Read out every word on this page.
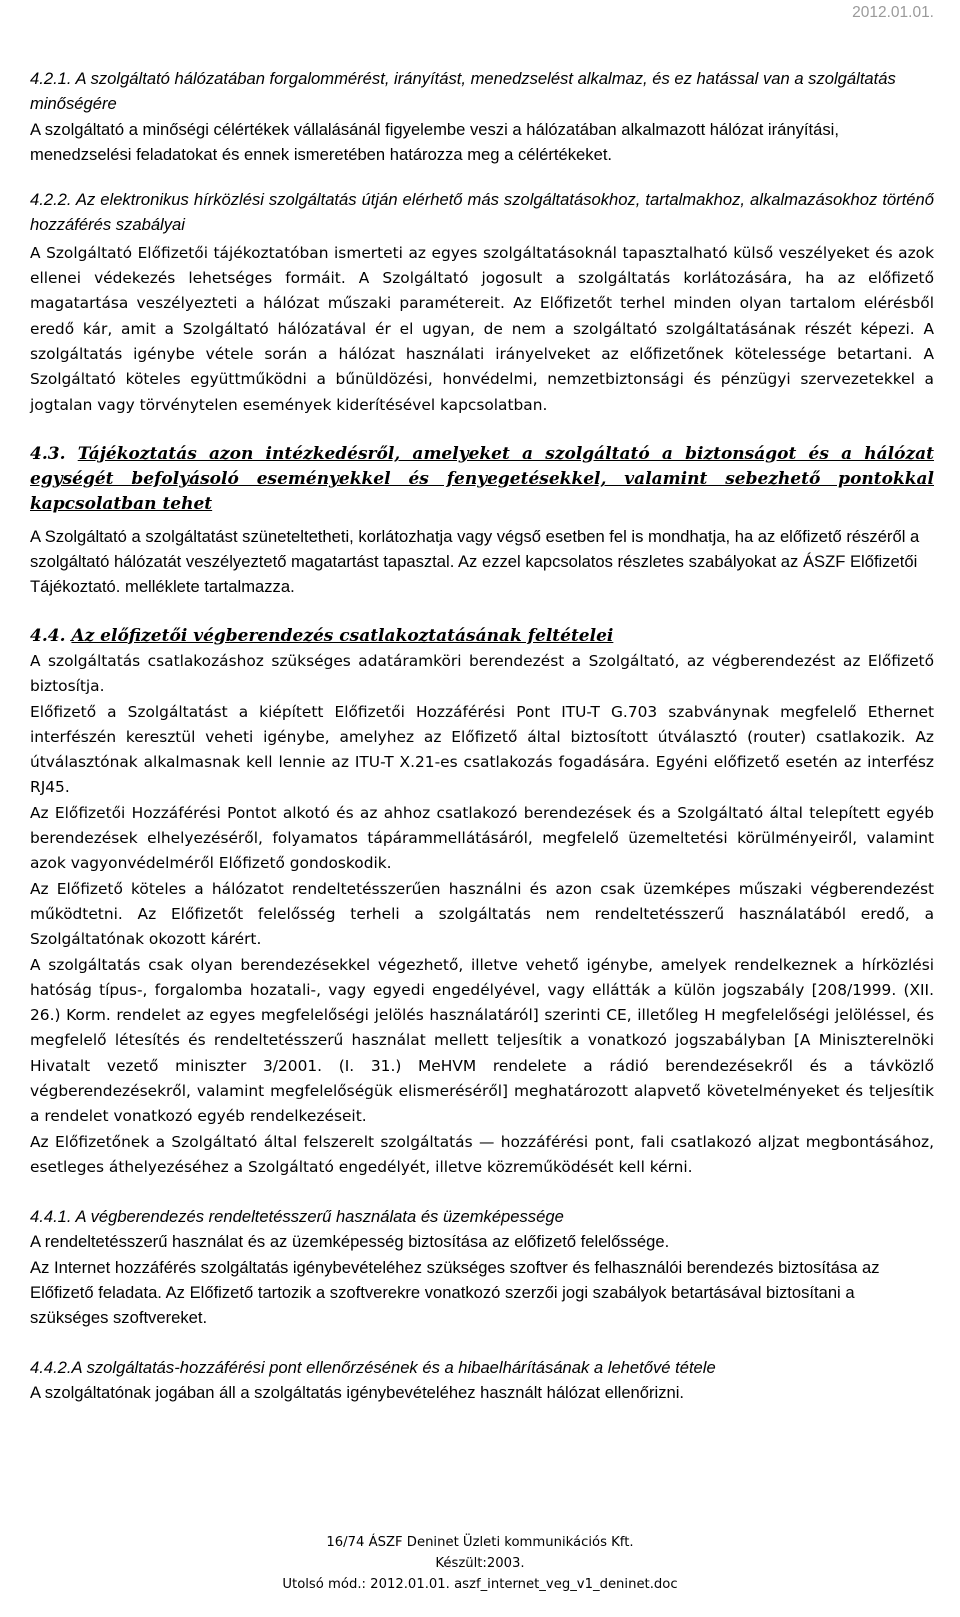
2012.01.01.

4.2.1. A szolgáltató hálózatában forgalommérést, irányítást, menedzselést alkalmaz, és ez hatással van a szolgáltatás minőségére

A szolgáltató a minőségi célértékek vállalásánál figyelembe veszi a hálózatában alkalmazott hálózat irányítási, menedzselési feladatokat és ennek ismeretében határozza meg a célértékeket.

4.2.2. Az elektronikus hírközlési szolgáltatás útján elérhető más szolgáltatásokhoz, tartalmakhoz, alkalmazásokhoz történő hozzáférés szabályai

A Szolgáltató Előfizetői tájékoztatóban ismerteti az egyes szolgáltatásoknál tapasztalható külső veszélyeket és azok ellenei védekezés lehetséges formáit. A Szolgáltató jogosult a szolgáltatás korlátozására, ha az előfizető magatartása veszélyezteti a hálózat műszaki paramétereit. Az Előfizetőt terhel minden olyan tartalom elérésből eredő kár, amit a Szolgáltató hálózatával ér el ugyan, de nem a szolgáltató szolgáltatásának részét képezi. A szolgáltatás igénybe vétele során a hálózat használati irányelveket az előfizetőnek kötelessége betartani. A Szolgáltató köteles együttműködni a bűnüldözési, honvédelmi, nemzetbiztonsági és pénzügyi szervezetekkel a jogtalan vagy törvénytelen események kiderítésével kapcsolatban.

4.3. Tájékoztatás azon intézkedésről, amelyeket a szolgáltató a biztonságot és a hálózat egységét befolyásoló eseményekkel és fenyegetésekkel, valamint sebezhető pontokkal kapcsolatban tehet

A Szolgáltató a szolgáltatást szüneteltetheti, korlátozhatja vagy végső esetben fel is mondhatja, ha az előfizető részéről a szolgáltató hálózatát veszélyeztető magatartást tapasztal. Az ezzel kapcsolatos részletes szabályokat az ÁSZF Előfizetői Tájékoztató. melléklete tartalmazza.

4.4. Az előfizetői végberendezés csatlakoztatásának feltételei

A szolgáltatás csatlakozáshoz szükséges adatáramköri berendezést a Szolgáltató, az végberendezést az Előfizető biztosítja.

Előfizető a Szolgáltatást a kiépített Előfizetői Hozzáférési Pont ITU-T G.703 szabványnak megfelelő Ethernet interfészén keresztül veheti igénybe, amelyhez az Előfizető által biztosított útválasztó (router) csatlakozik. Az útválasztónak alkalmasnak kell lennie az ITU-T X.21-es csatlakozás fogadására. Egyéni előfizető esetén az interfész RJ45.

Az Előfizetői Hozzáférési Pontot alkotó és az ahhoz csatlakozó berendezések és a Szolgáltató által telepített egyéb berendezések elhelyezéséről, folyamatos tápárammellátásáról, megfelelő üzemeltetési körülményeiről, valamint azok vagyonvédelméről Előfizető gondoskodik.

Az Előfizető köteles a hálózatot rendeltetésszerűen használni és azon csak üzemképes műszaki végberendezést működtetni. Az Előfizetőt felelősség terheli a szolgáltatás nem rendeltetésszerű használatából eredő, a Szolgáltatónak okozott kárért.

A szolgáltatás csak olyan berendezésekkel végezhető, illetve vehető igénybe, amelyek rendelkeznek a hírközlési hatóság típus-, forgalomba hozatali-, vagy egyedi engedélyével, vagy ellátták a külön jogszabály [208/1999. (XII. 26.) Korm. rendelet az egyes megfelelőségi jelölés használatáról] szerinti CE, illetőleg H megfelelőségi jelöléssel, és megfelelő létesítés és rendeltetésszerű használat mellett teljesítik a vonatkozó jogszabályban [A Miniszterelnöki Hivatalt vezető miniszter 3/2001. (I. 31.) MeHVM rendelete a rádió berendezésekről és a távközlő végberendezésekről, valamint megfelelőségük elismeréséről] meghatározott alapvető követelményeket és teljesítik a rendelet vonatkozó egyéb rendelkezéseit.

Az Előfizetőnek a Szolgáltató által felszerelt szolgáltatás — hozzáférési pont, fali csatlakozó aljzat megbontásához, esetleges áthelyezéséhez a Szolgáltató engedélyét, illetve közreműködését kell kérni.

4.4.1. A végberendezés rendeltetésszerű használata és üzemképessége

A rendeltetésszerű használat és az üzemképesség biztosítása az előfizető felelőssége.

Az Internet hozzáférés szolgáltatás igénybevételéhez szükséges szoftver és felhasználói berendezés biztosítása az Előfizető feladata. Az Előfizető tartozik a szoftverekre vonatkozó szerzői jogi szabályok betartásával biztosítani a szükséges szoftvereket.

4.4.2.A szolgáltatás-hozzáférési pont ellenőrzésének és a hibaelhárításának a lehetővé tétele

A szolgáltatónak jogában áll a szolgáltatás igénybevételéhez használt hálózat ellenőrizni.

16/74 ÁSZF Deninet Üzleti kommunikációs Kft.
Készült:2003.
Utolsó mód.: 2012.01.01. aszf_internet_veg_v1_deninet.doc
